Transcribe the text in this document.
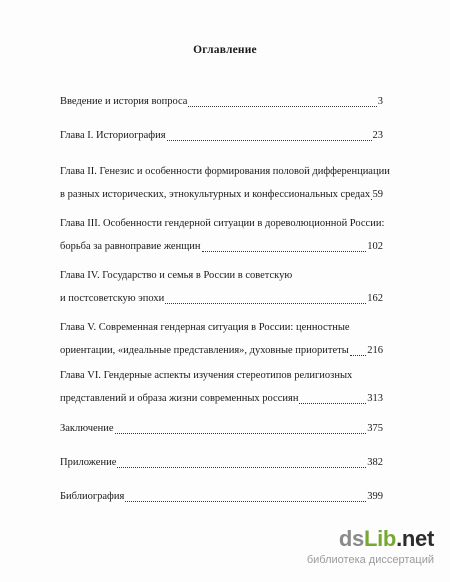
Оглавление
Введение и история вопроса	3
Глава I. Историография	23
Глава II. Генезис и особенности формирования половой дифференциации
в разных исторических, этнокультурных и конфессиональных средах 59
Глава III. Особенности гендерной ситуации в дореволюционной России:
борьба за равноправие женщин	102
Глава IV. Государство и семья в России в советскую
и постсоветскую эпохи	162
Глава V. Современная гендерная ситуация в России: ценностные
ориентации, «идеальные представления», духовные приоритеты 216
Глава VI. Гендерные аспекты изучения стереотипов религиозных
представлений и образа жизни современных россиян	313
Заключение	375
Приложение	382
Библиография	399
dsLib.net
библиотека диссертаций
